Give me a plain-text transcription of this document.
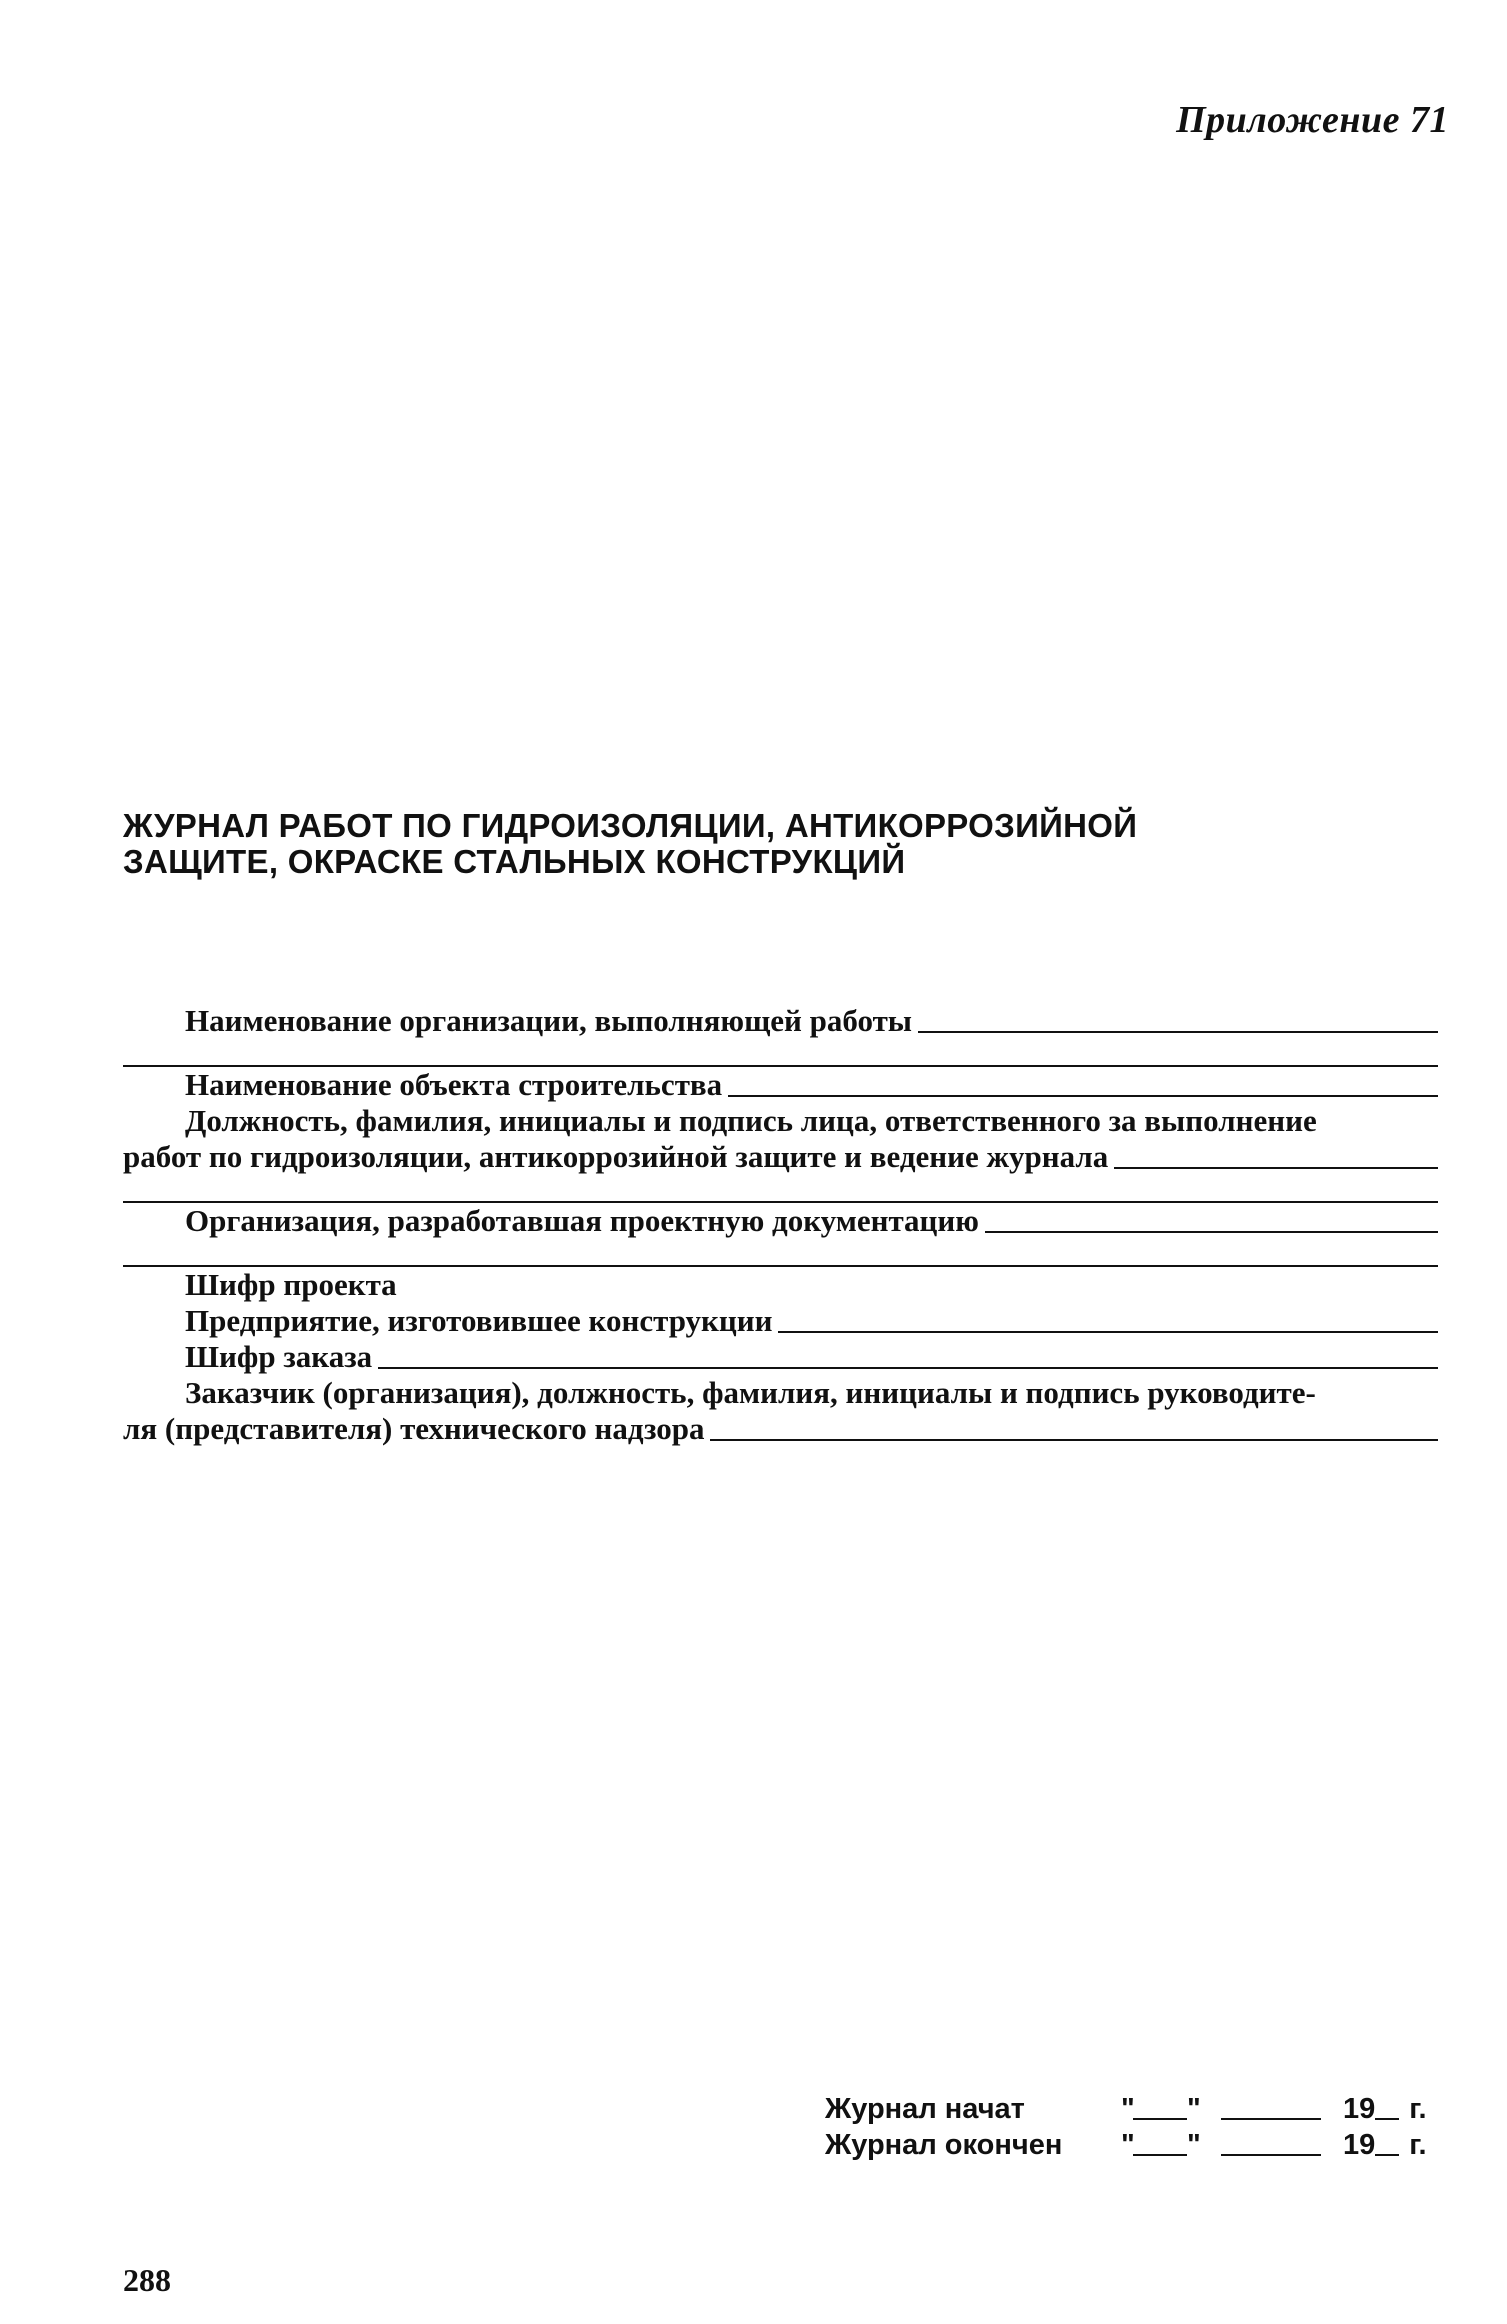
Приложение 71
ЖУРНАЛ РАБОТ ПО ГИДРОИЗОЛЯЦИИ, АНТИКОРРОЗИЙНОЙ
ЗАЩИТЕ, ОКРАСКЕ СТАЛЬНЫХ КОНСТРУКЦИЙ
Наименование организации, выполняющей работы
Наименование объекта строительства
Должность, фамилия, инициалы и подпись лица, ответственного за выполнение
работ по гидроизоляции, антикоррозийной защите и ведение журнала
Организация, разработавшая проектную документацию
Шифр проекта
Предприятие, изготовившее конструкции
Шифр заказа
Заказчик (организация), должность, фамилия, инициалы и подпись руководите-
ля (представителя) технического надзора
Журнал начат	" "	19 г.
Журнал окончен	" "	19 г.
288
